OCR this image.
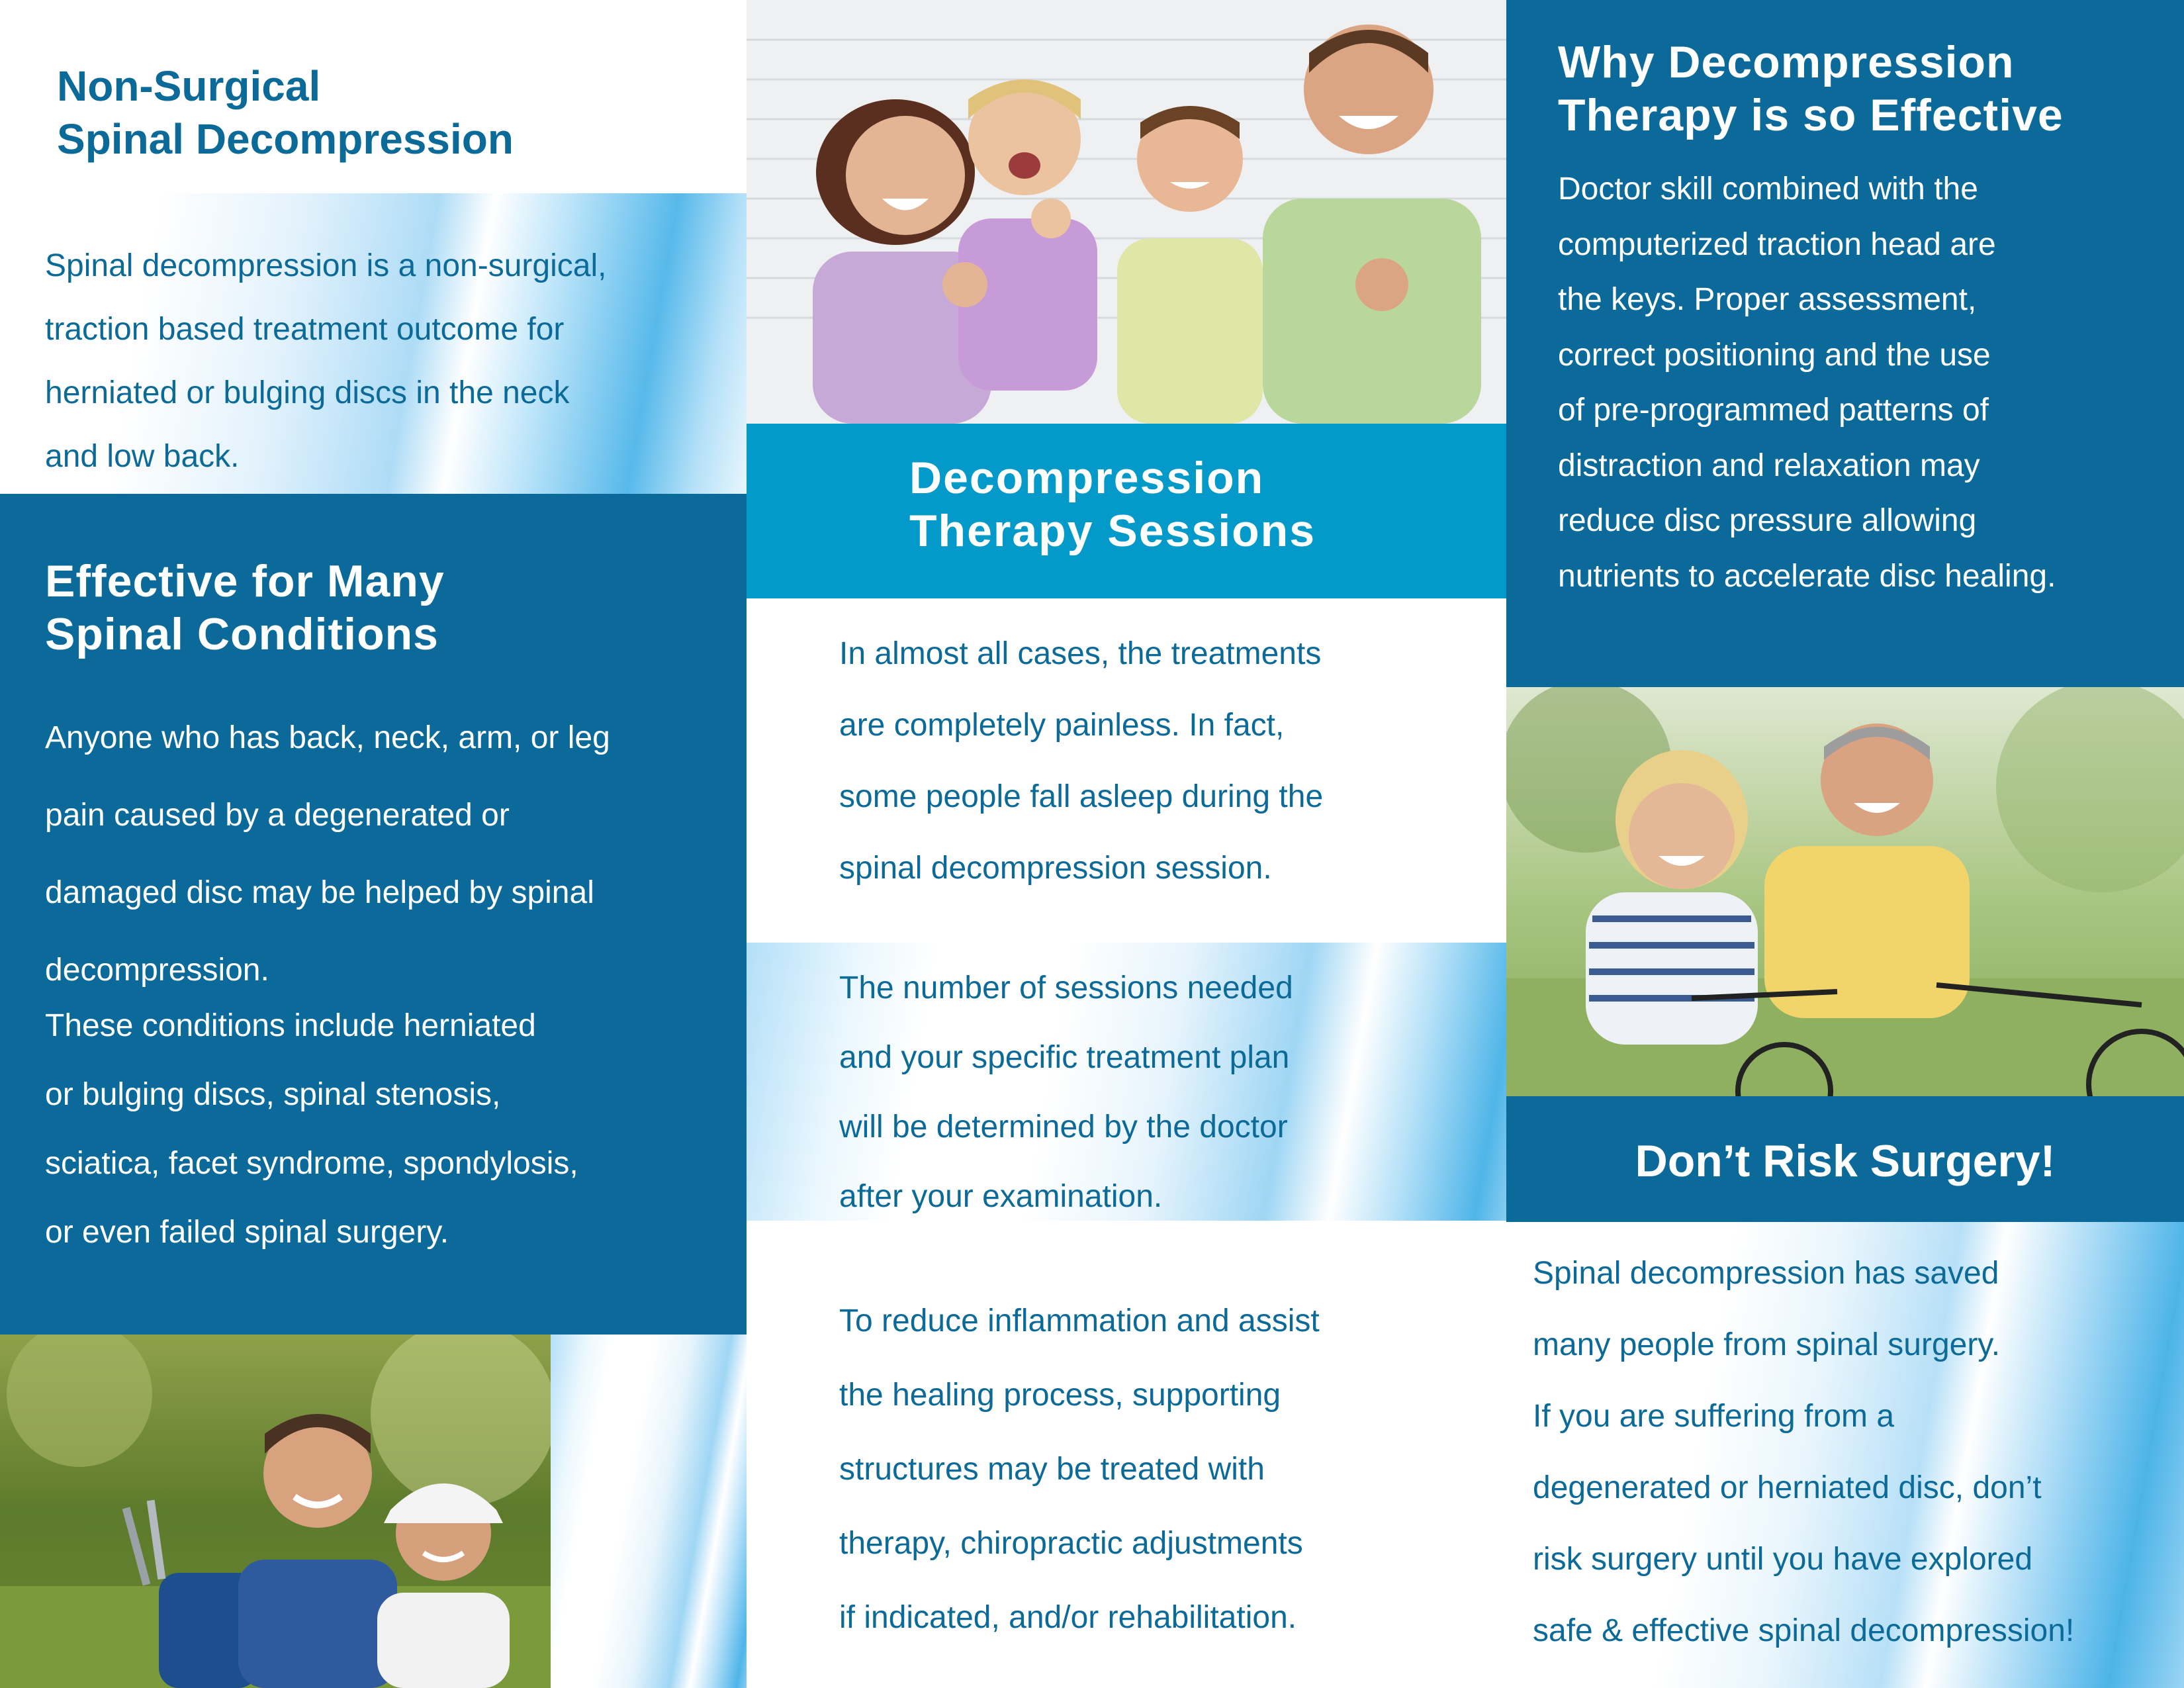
Non-Surgical
Spinal Decompression

Spinal decompression is a non-surgical,
traction based treatment outcome for
herniated or bulging discs in the neck
and low back.

Effective for Many
Spinal Conditions

Anyone who has back, neck, arm, or leg
pain caused by a degenerated or
damaged disc may be helped by spinal
decompression.

These conditions include herniated
or bulging discs, spinal stenosis,
sciatica, facet syndrome, spondylosis,
or even failed spinal surgery.

Decompression
Therapy Sessions

In almost all cases, the treatments
are completely painless. In fact,
some people fall asleep during the
spinal decompression session.

The number of sessions needed
and your specific treatment plan
will be determined by the doctor
after your examination.

To reduce inflammation and assist
the healing process, supporting
structures may be treated with
therapy, chiropractic adjustments
if indicated, and/or rehabilitation.

Why Decompression
Therapy is so Effective

Doctor skill combined with the
computerized traction head are
the keys. Proper assessment,
correct positioning and the use
of pre-programmed patterns of
distraction and relaxation may
reduce disc pressure allowing
nutrients to accelerate disc healing.

Don’t Risk Surgery!

Spinal decompression has saved
many people from spinal surgery.
If you are suffering from a
degenerated or herniated disc, don’t
risk surgery until you have explored
safe & effective spinal decompression!
